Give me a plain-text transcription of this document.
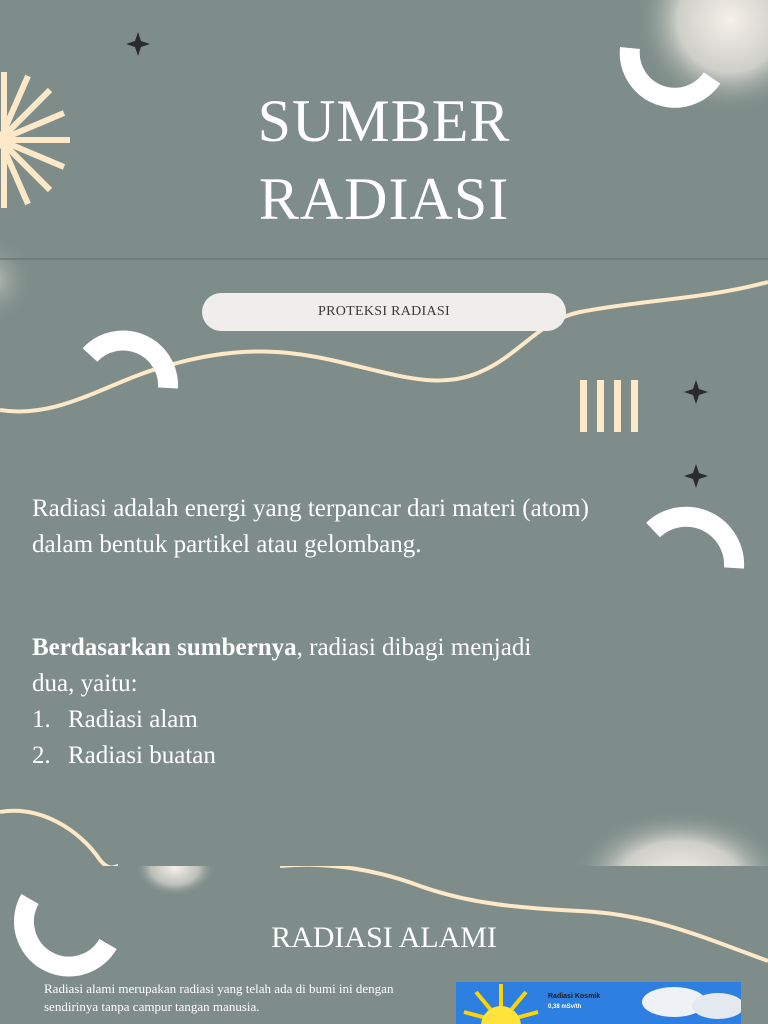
SUMBER
RADIASI
PROTEKSI RADIASI
Radiasi adalah energi yang terpancar dari materi (atom) dalam bentuk partikel atau gelombang.
Berdasarkan sumbernya, radiasi dibagi menjadi dua, yaitu:
1. Radiasi alam
2. Radiasi buatan
RADIASI ALAMI
Radiasi alami merupakan radiasi yang telah ada di bumi ini dengan sendirinya tanpa campur tangan manusia.
Radiasi Kosmik
0,38 mSv/th
